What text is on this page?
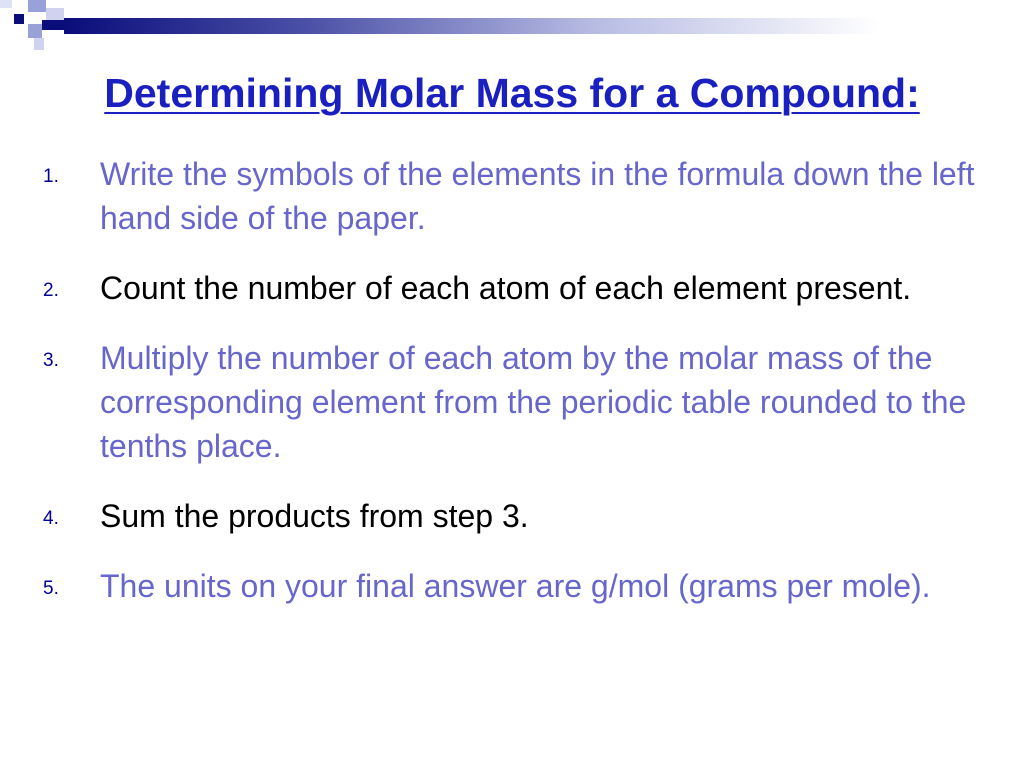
Determining Molar Mass for a Compound:
1. Write the symbols of the elements in the formula down the left hand side of the paper.
2. Count the number of each atom of each element present.
3. Multiply the number of each atom by the molar mass of the corresponding element from the periodic table rounded to the tenths place.
4. Sum the products from step 3.
5. The units on your final answer are g/mol (grams per mole).
